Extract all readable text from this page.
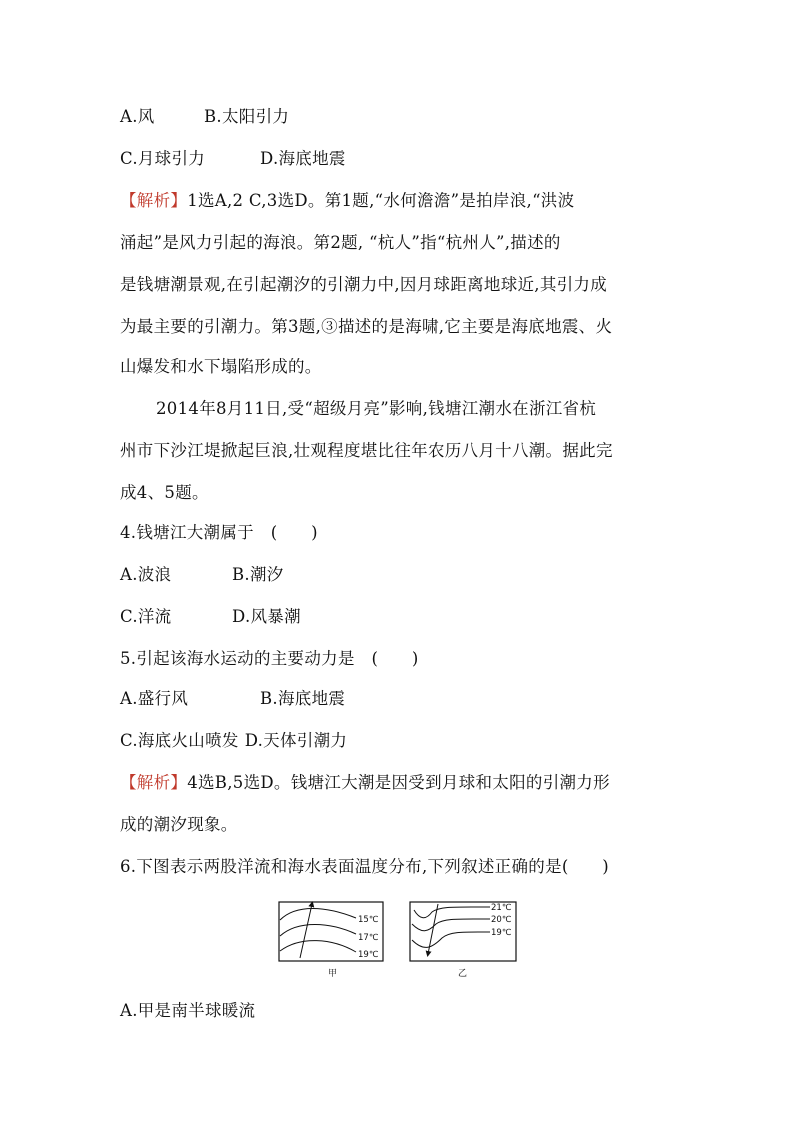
A.风	B.太阳引力
C.月球引力	D.海底地震
【解析】1选A,2 C,3选D。第1题,“水何澹澹”是拍岸浪,“洪波
涌起”是风力引起的海浪。第2题, “杭人”指“杭州人”,描述的
是钱塘潮景观,在引起潮汐的引潮力中,因月球距离地球近,其引力成
为最主要的引潮力。第3题,③描述的是海啸,它主要是海底地震、火
山爆发和水下塌陷形成的。
2014年8月11日,受“超级月亮”影响,钱塘江潮水在浙江省杭
州市下沙江堤掀起巨浪,壮观程度堪比往年农历八月十八潮。据此完
成4、5题。
4.钱塘江大潮属于　(　　)
A.波浪	B.潮汐
C.洋流	D.风暴潮
5.引起该海水运动的主要动力是　(　　)
A.盛行风	B.海底地震
C.海底火山喷发 D.天体引潮力
【解析】4选B,5选D。钱塘江大潮是因受到月球和太阳的引潮力形
成的潮汐现象。
6.下图表示两股洋流和海水表面温度分布,下列叙述正确的是(　　)
15℃
17℃
19℃
甲
21℃
20℃
19℃
乙
A.甲是南半球暖流
